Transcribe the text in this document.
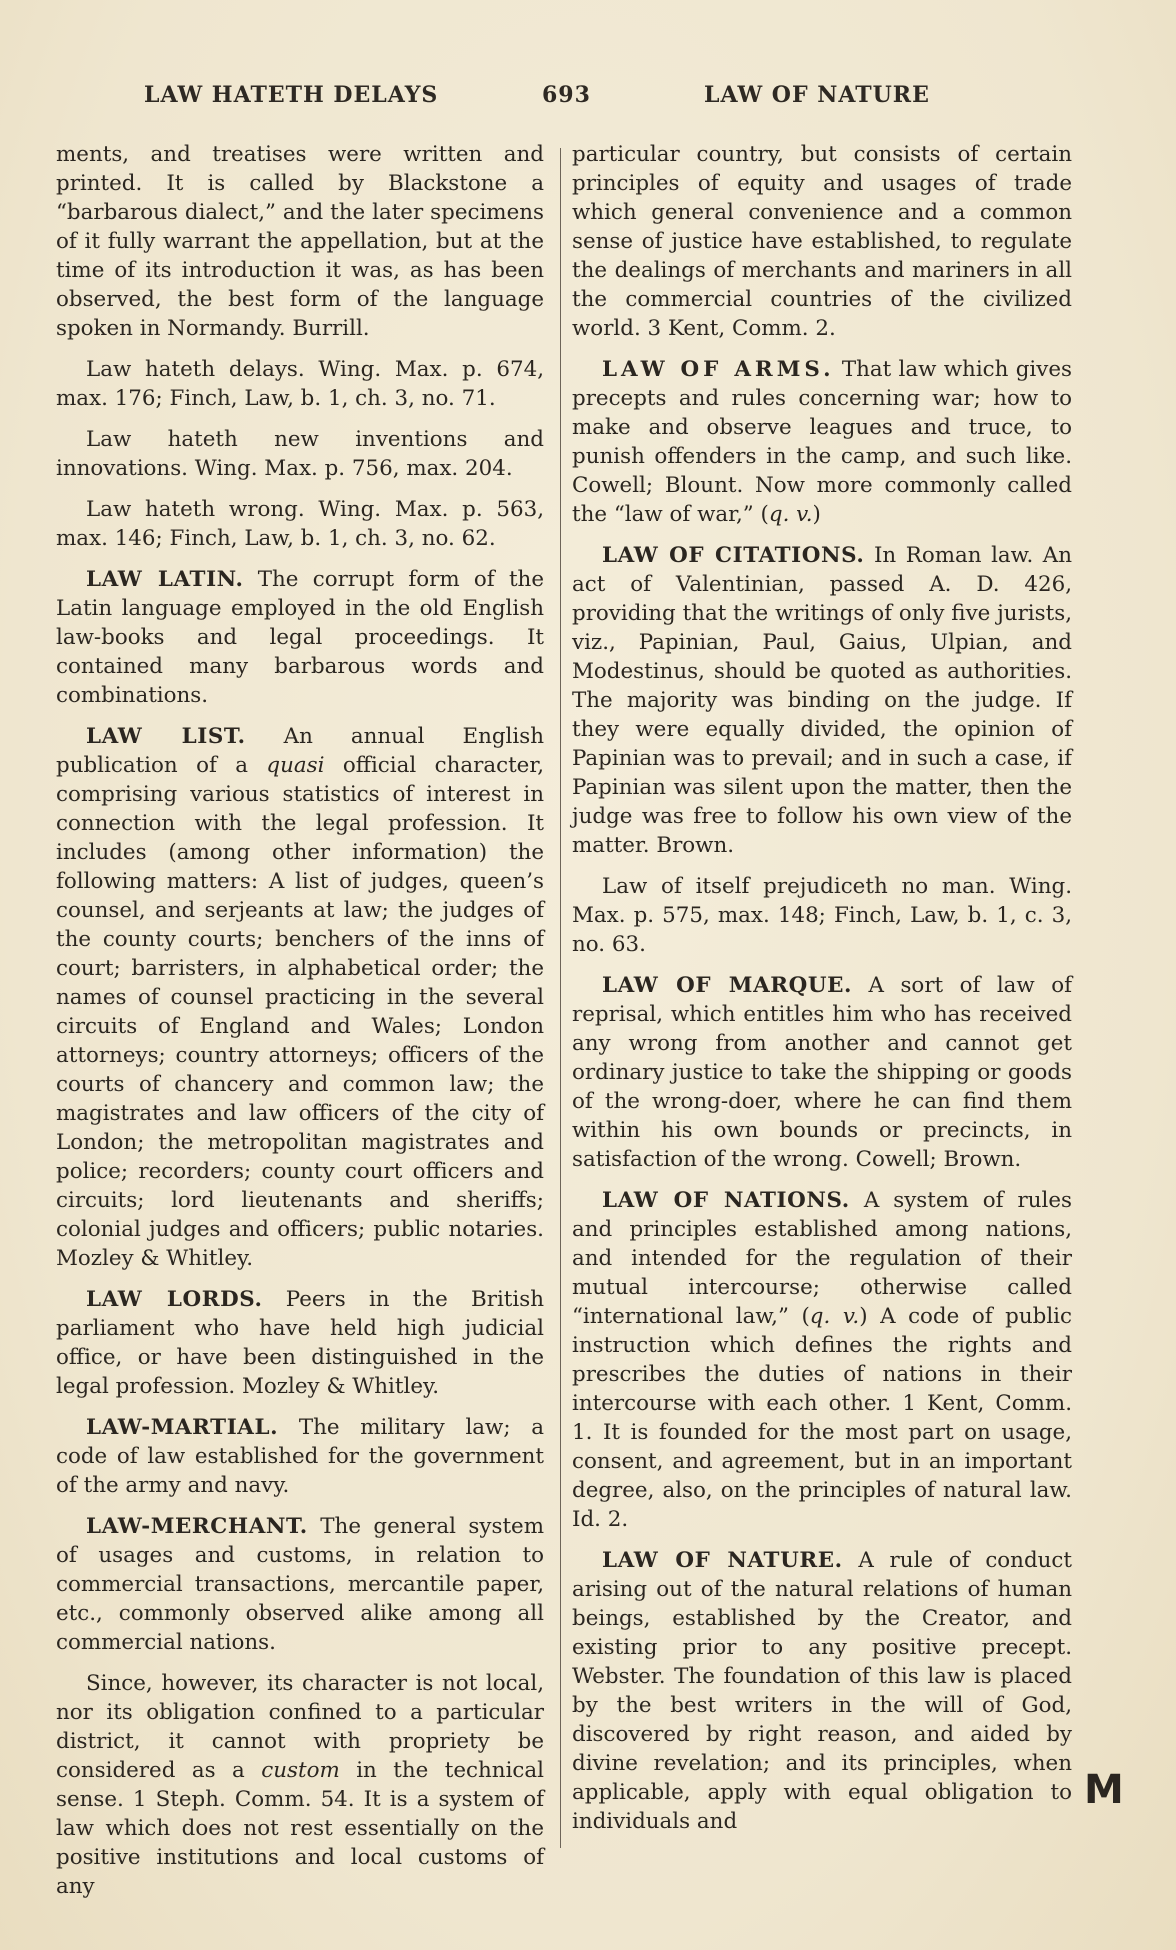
LAW HATETH DELAYS	693	LAW OF NATURE

ments, and treatises were written and printed. It is called by Blackstone a “barbarous dialect,” and the later specimens of it fully warrant the appellation, but at the time of its introduction it was, as has been observed, the best form of the language spoken in Normandy. Burrill.

Law hateth delays. Wing. Max. p. 674, max. 176; Finch, Law, b. 1, ch. 3, no. 71.

Law hateth new inventions and innovations. Wing. Max. p. 756, max. 204.

Law hateth wrong. Wing. Max. p. 563, max. 146; Finch, Law, b. 1, ch. 3, no. 62.

LAW LATIN. The corrupt form of the Latin language employed in the old English law-books and legal proceedings. It contained many barbarous words and combinations.

LAW LIST. An annual English publication of a quasi official character, comprising various statistics of interest in connection with the legal profession. It includes (among other information) the following matters: A list of judges, queen’s counsel, and serjeants at law; the judges of the county courts; benchers of the inns of court; barristers, in alphabetical order; the names of counsel practicing in the several circuits of England and Wales; London attorneys; country attorneys; officers of the courts of chancery and common law; the magistrates and law officers of the city of London; the metropolitan magistrates and police; recorders; county court officers and circuits; lord lieutenants and sheriffs; colonial judges and officers; public notaries. Mozley & Whitley.

LAW LORDS. Peers in the British parliament who have held high judicial office, or have been distinguished in the legal profession. Mozley & Whitley.

LAW-MARTIAL. The military law; a code of law established for the government of the army and navy.

LAW-MERCHANT. The general system of usages and customs, in relation to commercial transactions, mercantile paper, etc., commonly observed alike among all commercial nations.

Since, however, its character is not local, nor its obligation confined to a particular district, it cannot with propriety be considered as a custom in the technical sense. 1 Steph. Comm. 54. It is a system of law which does not rest essentially on the positive institutions and local customs of any

particular country, but consists of certain principles of equity and usages of trade which general convenience and a common sense of justice have established, to regulate the dealings of merchants and mariners in all the commercial countries of the civilized world. 3 Kent, Comm. 2.

LAW OF ARMS. That law which gives precepts and rules concerning war; how to make and observe leagues and truce, to punish offenders in the camp, and such like. Cowell; Blount. Now more commonly called the “law of war,” (q. v.)

LAW OF CITATIONS. In Roman law. An act of Valentinian, passed A. D. 426, providing that the writings of only five jurists, viz., Papinian, Paul, Gaius, Ulpian, and Modestinus, should be quoted as authorities. The majority was binding on the judge. If they were equally divided, the opinion of Papinian was to prevail; and in such a case, if Papinian was silent upon the matter, then the judge was free to follow his own view of the matter. Brown.

Law of itself prejudiceth no man. Wing. Max. p. 575, max. 148; Finch, Law, b. 1, c. 3, no. 63.

LAW OF MARQUE. A sort of law of reprisal, which entitles him who has received any wrong from another and cannot get ordinary justice to take the shipping or goods of the wrong-doer, where he can find them within his own bounds or precincts, in satisfaction of the wrong. Cowell; Brown.

LAW OF NATIONS. A system of rules and principles established among nations, and intended for the regulation of their mutual intercourse; otherwise called “international law,” (q. v.) A code of public instruction which defines the rights and prescribes the duties of nations in their intercourse with each other. 1 Kent, Comm. 1. It is founded for the most part on usage, consent, and agreement, but in an important degree, also, on the principles of natural law. Id. 2.

LAW OF NATURE. A rule of conduct arising out of the natural relations of human beings, established by the Creator, and existing prior to any positive precept. Webster. The foundation of this law is placed by the best writers in the will of God, discovered by right reason, and aided by divine revelation; and its principles, when applicable, apply with equal obligation to individuals and

M
